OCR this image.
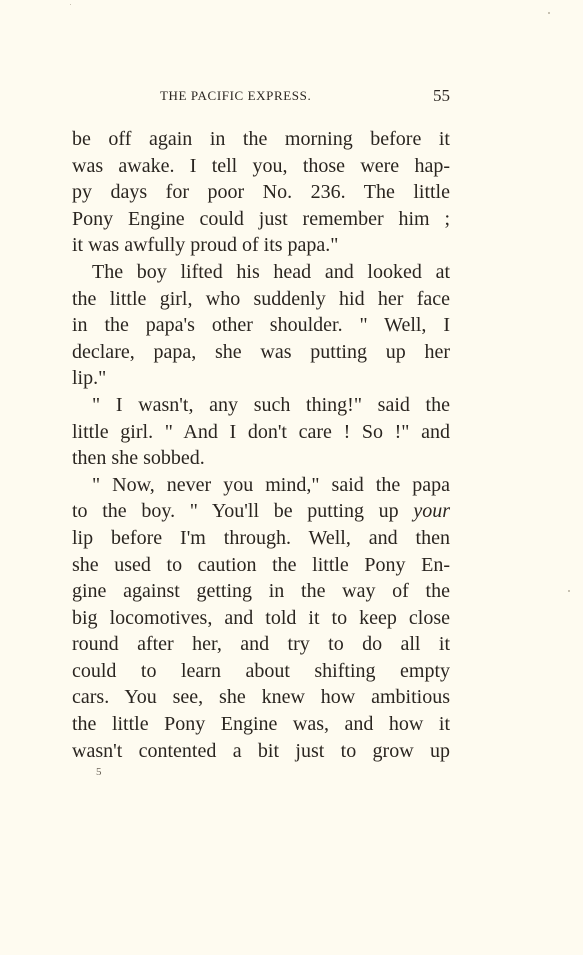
THE PACIFIC EXPRESS.	55
be off again in the morning before it
was awake. I tell you, those were hap-
py days for poor No. 236. The little
Pony Engine could just remember him ;
it was awfully proud of its papa."
The boy lifted his head and looked at
the little girl, who suddenly hid her face
in the papa's other shoulder. " Well, I
declare, papa, she was putting up her
lip."
" I wasn't, any such thing!" said the
little girl. " And I don't care ! So !" and
then she sobbed.
" Now, never you mind," said the papa
to the boy. " You'll be putting up your
lip before I'm through. Well, and then
she used to caution the little Pony En-
gine against getting in the way of the
big locomotives, and told it to keep close
round after her, and try to do all it
could to learn about shifting empty
cars. You see, she knew how ambitious
the little Pony Engine was, and how it
wasn't contented a bit just to grow up
5
